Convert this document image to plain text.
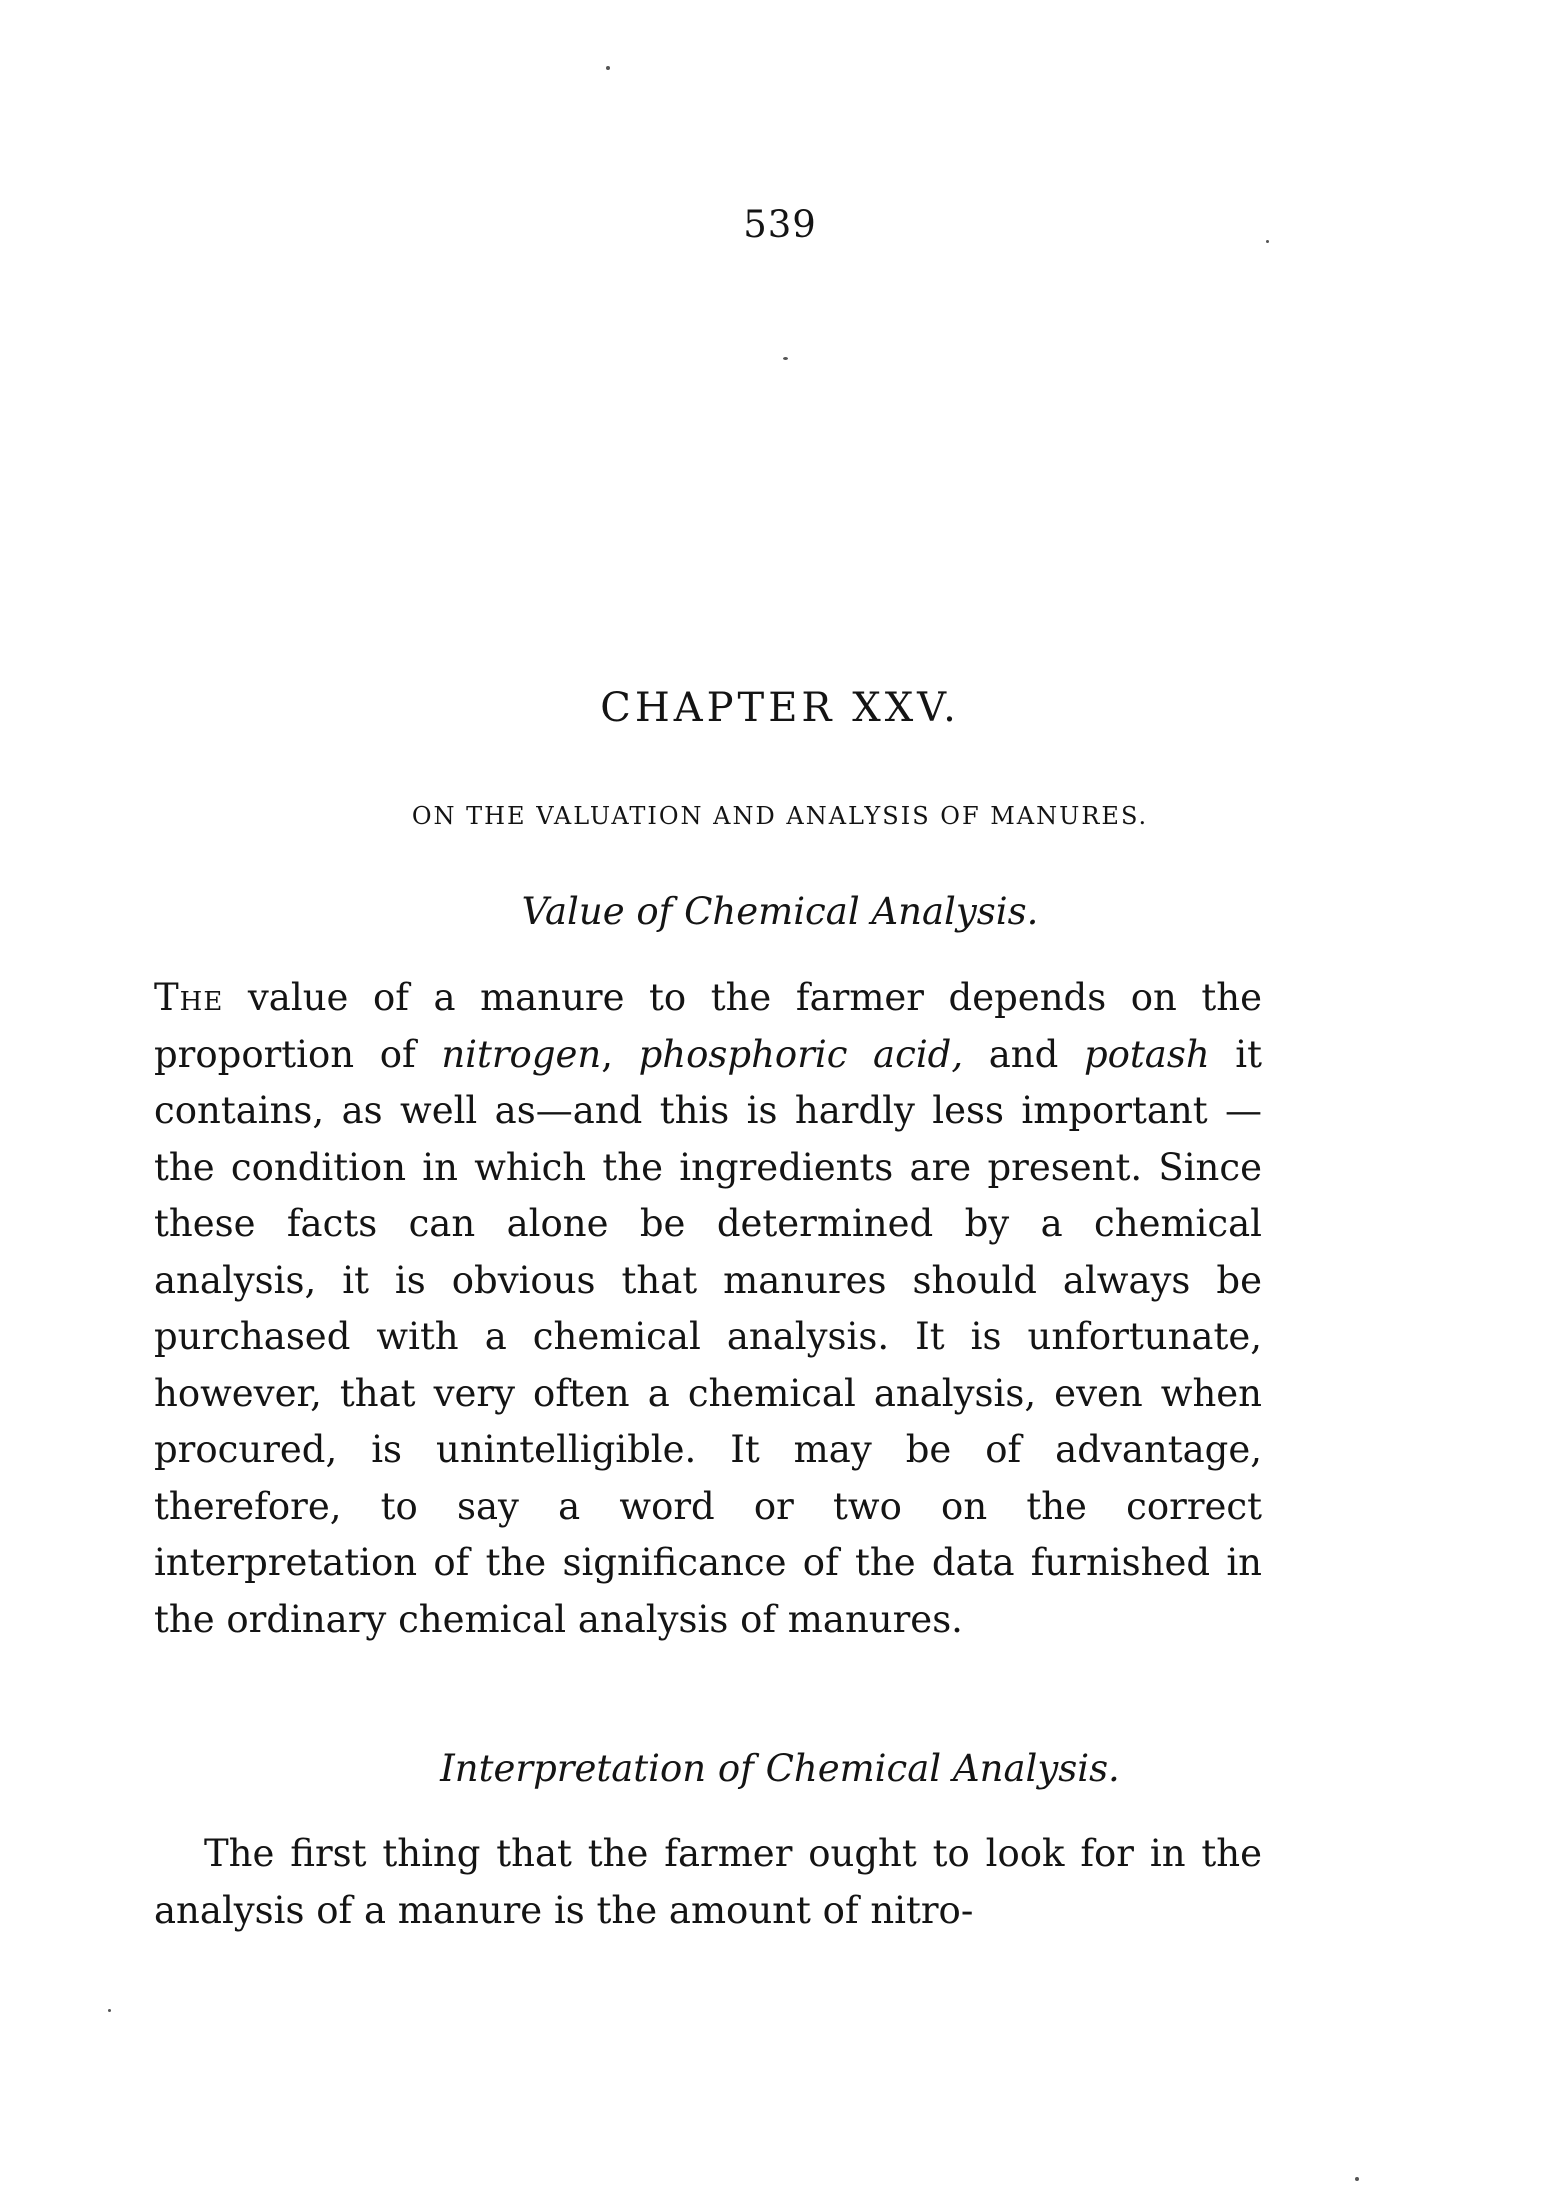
539
CHAPTER XXV.
ON THE VALUATION AND ANALYSIS OF MANURES.
Value of Chemical Analysis.

The value of a manure to the farmer depends on the proportion of nitrogen, phosphoric acid, and potash it contains, as well as—and this is hardly less important —the condition in which the ingredients are present. Since these facts can alone be determined by a chemical analysis, it is obvious that manures should always be purchased with a chemical analysis. It is unfortunate, however, that very often a chemical analysis, even when procured, is unintelligible. It may be of advantage, therefore, to say a word or two on the correct interpretation of the significance of the data furnished in the ordinary chemical analysis of manures.

Interpretation of Chemical Analysis.

The first thing that the farmer ought to look for in the analysis of a manure is the amount of nitro-
